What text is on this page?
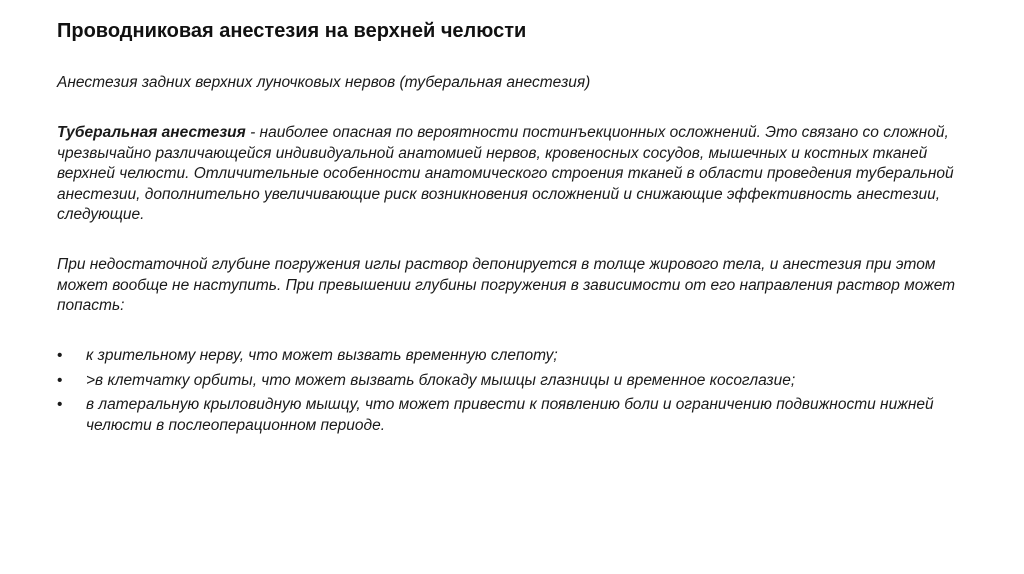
Проводниковая анестезия на верхней челюсти
Анестезия задних верхних луночковых нервов (туберальная анестезия)
Туберальная анестезия - наиболее опасная по вероятности постинъекционных осложнений. Это связано со сложной, чрезвычайно различающейся индивидуальной анатомией нервов, кровеносных сосудов, мышечных и костных тканей верхней челюсти. Отличительные особенности анатомического строения тканей в области проведения туберальной анестезии, дополнительно увеличивающие риск возникновения осложнений и снижающие эффективность анестезии, следующие.
При недостаточной глубине погружения иглы раствор депонируется в толще жирового тела, и анестезия при этом может вообще не наступить. При превышении глубины погружения в зависимости от его направления раствор может попасть:
• к зрительному нерву, что может вызвать временную слепоту;
• >в клетчатку орбиты, что может вызвать блокаду мышцы глазницы и временное косоглазие;
• в латеральную крыловидную мышцу, что может привести к появлению боли и ограничению подвижности нижней челюсти в послеоперационном периоде.
